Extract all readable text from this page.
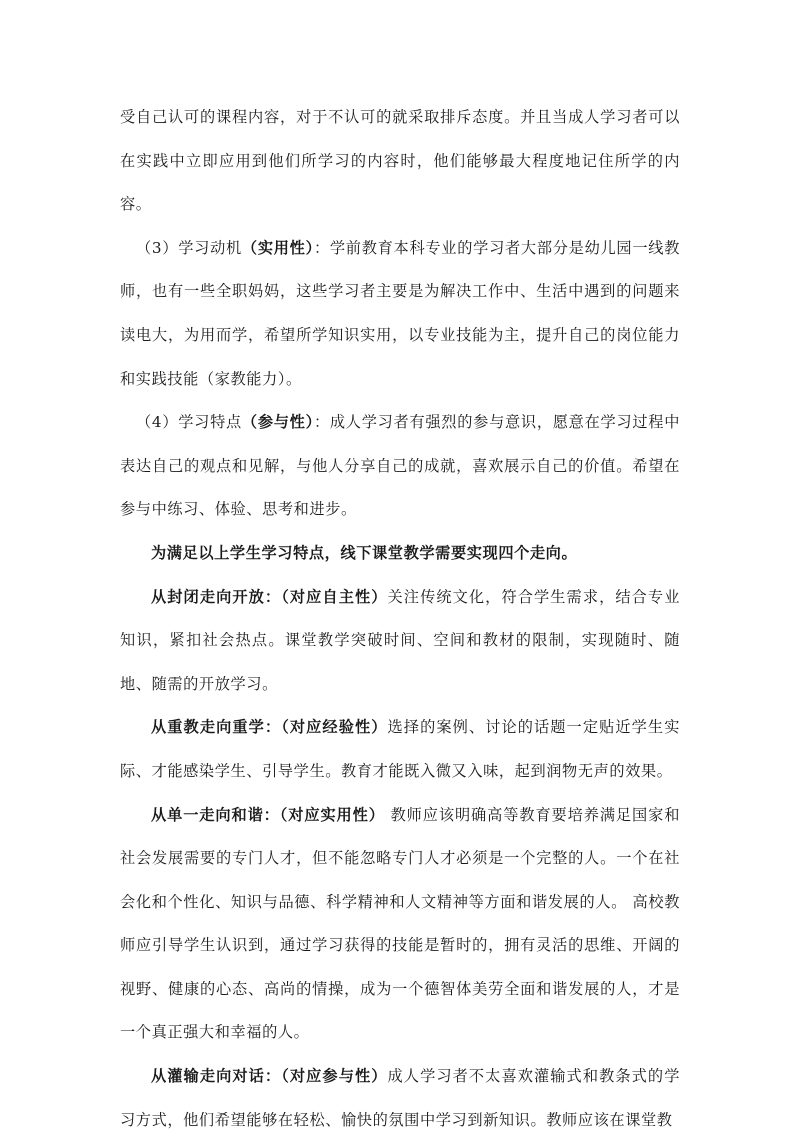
受自己认可的课程内容，对于不认可的就采取排斥态度。并且当成人学习者可以在实践中立即应用到他们所学习的内容时，他们能够最大程度地记住所学的内容。

（3）学习动机（实用性）：学前教育本科专业的学习者大部分是幼儿园一线教师，也有一些全职妈妈，这些学习者主要是为解决工作中、生活中遇到的问题来读电大，为用而学，希望所学知识实用，以专业技能为主，提升自己的岗位能力和实践技能（家教能力）。

（4）学习特点（参与性）：成人学习者有强烈的参与意识，愿意在学习过程中表达自己的观点和见解，与他人分享自己的成就，喜欢展示自己的价值。希望在参与中练习、体验、思考和进步。

为满足以上学生学习特点，线下课堂教学需要实现四个走向。

从封闭走向开放：（对应自主性）关注传统文化，符合学生需求，结合专业知识，紧扣社会热点。课堂教学突破时间、空间和教材的限制，实现随时、随地、随需的开放学习。

从重教走向重学：（对应经验性）选择的案例、讨论的话题一定贴近学生实际、才能感染学生、引导学生。教育才能既入微又入味，起到润物无声的效果。

从单一走向和谐：（对应实用性） 教师应该明确高等教育要培养满足国家和社会发展需要的专门人才，但不能忽略专门人才必须是一个完整的人。一个在社会化和个性化、知识与品德、科学精神和人文精神等方面和谐发展的人。 高校教师应引导学生认识到，通过学习获得的技能是暂时的，拥有灵活的思维、开阔的视野、健康的心态、高尚的情操，成为一个德智体美劳全面和谐发展的人，才是一个真正强大和幸福的人。

从灌输走向对话：（对应参与性）成人学习者不太喜欢灌输式和教条式的学习方式，他们希望能够在轻松、愉快的氛围中学习到新知识。教师应该在课堂教
